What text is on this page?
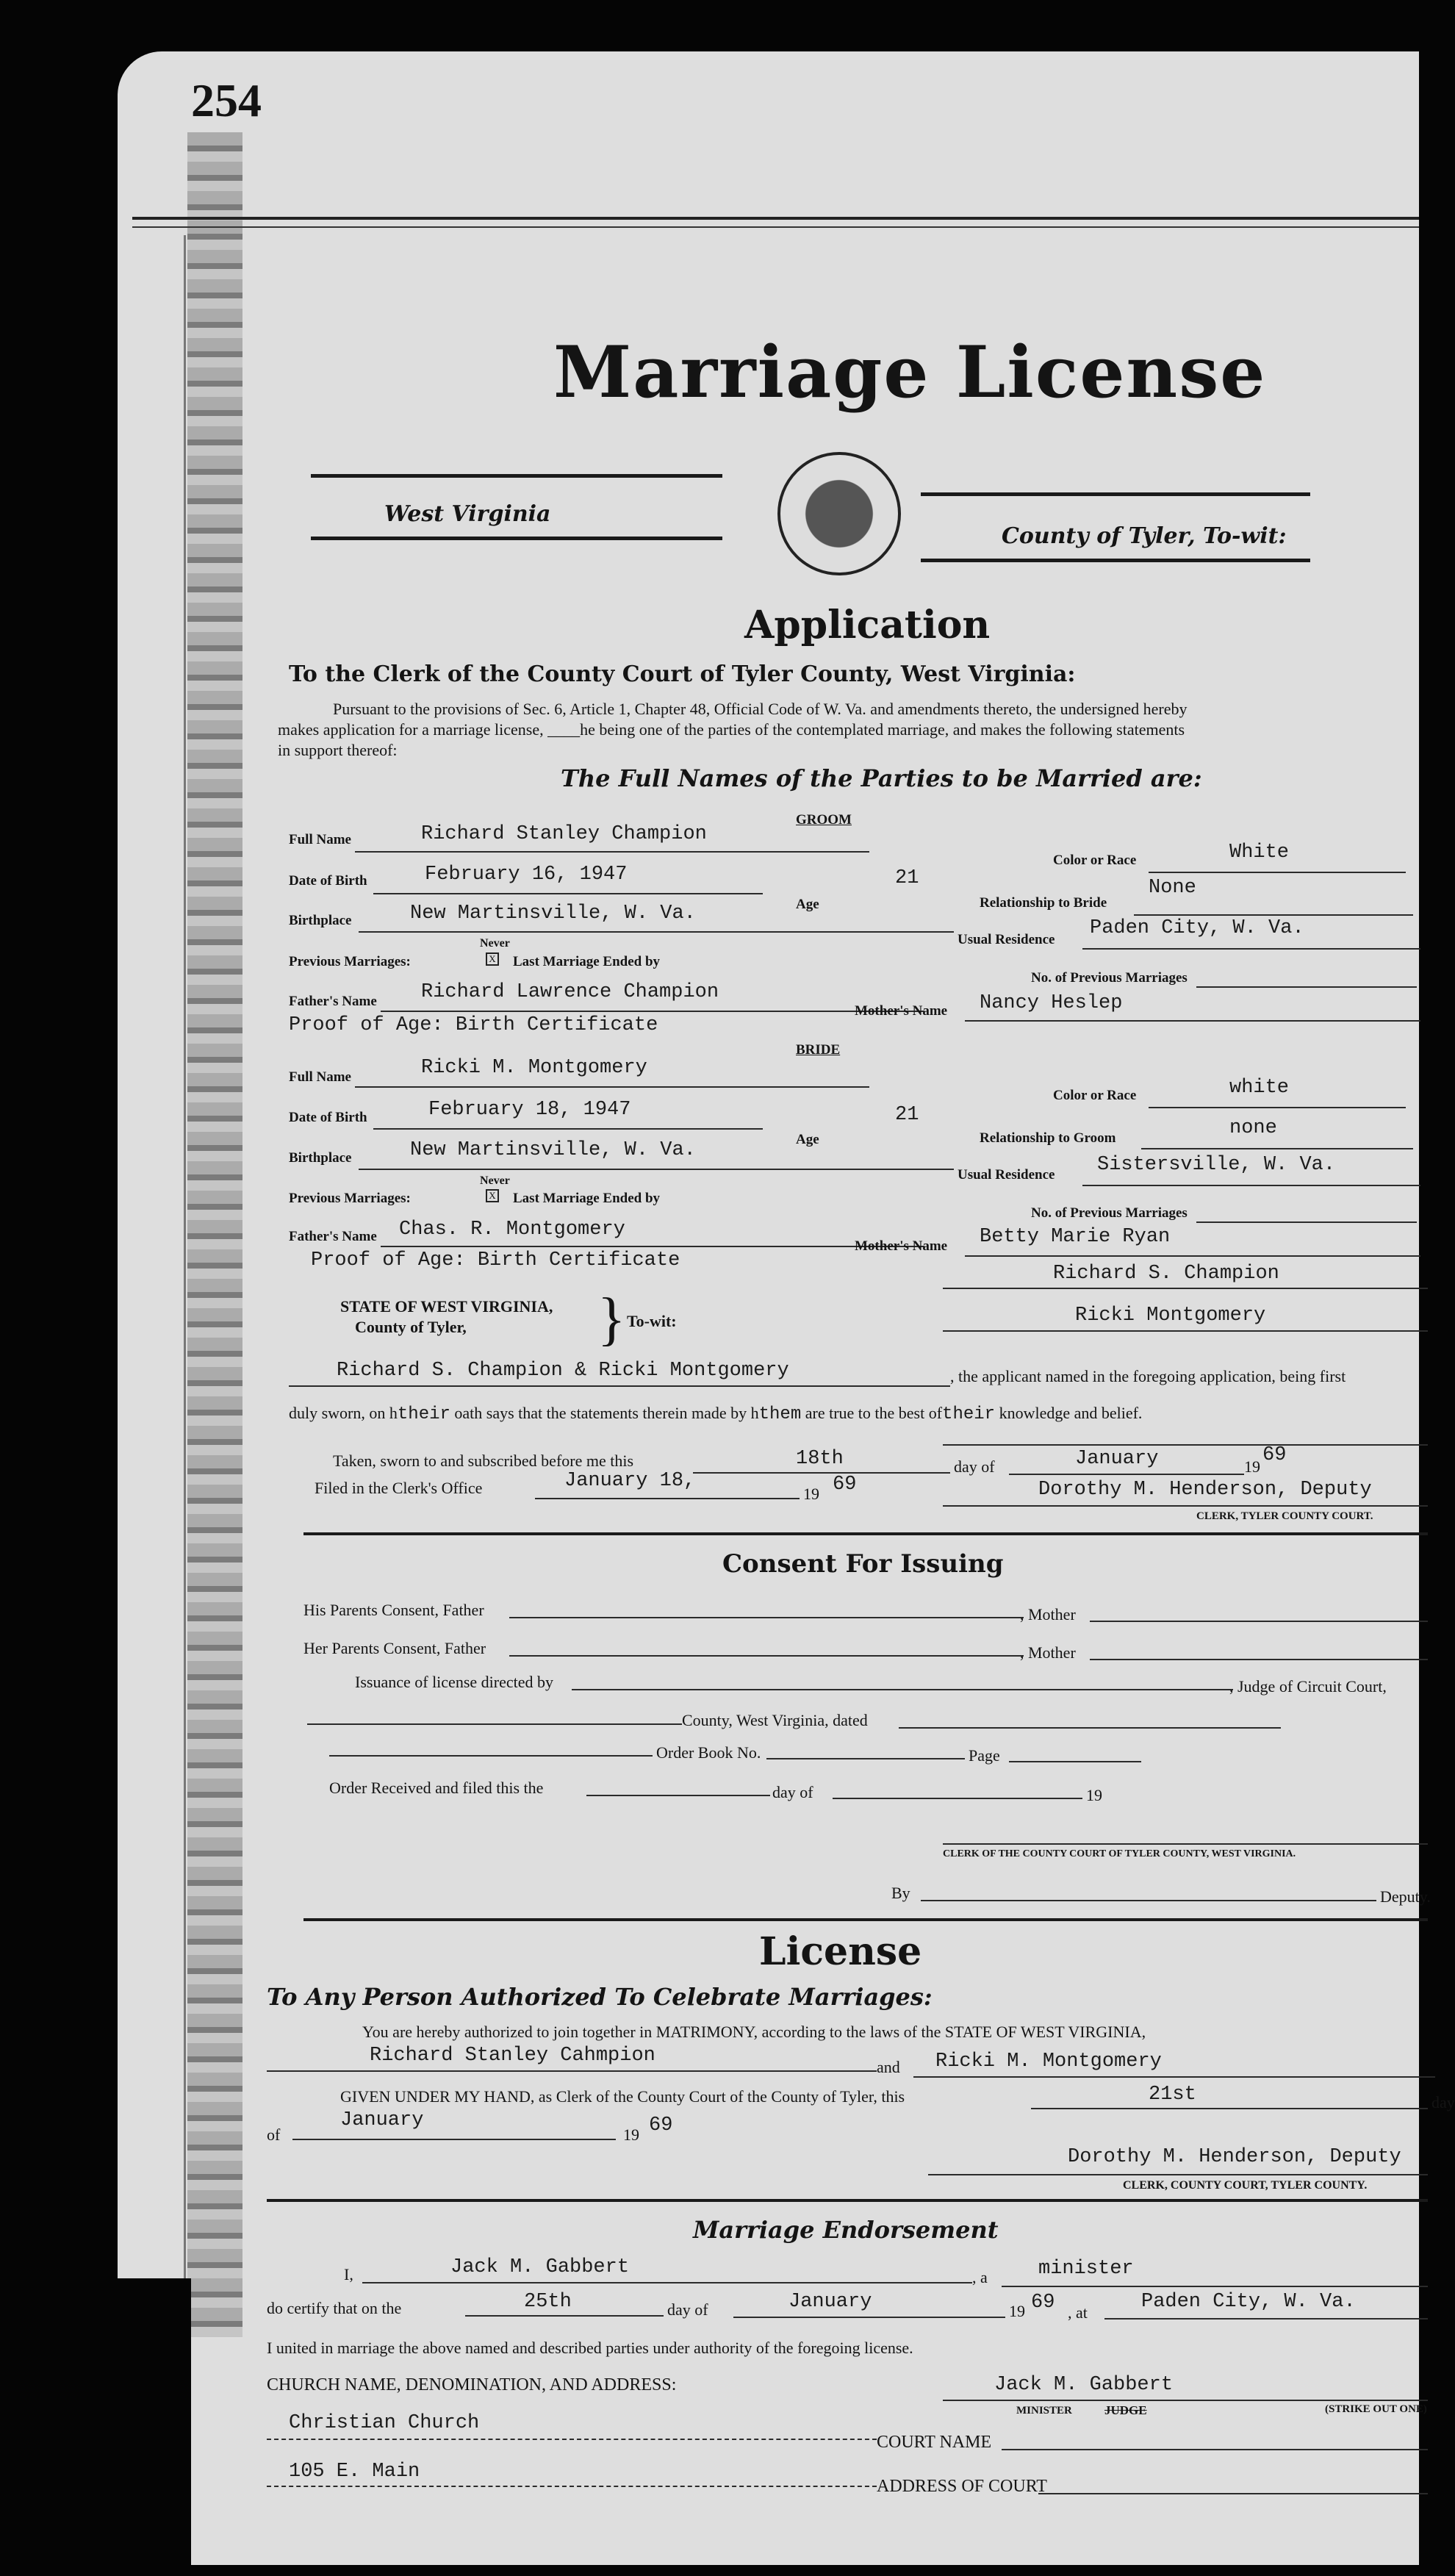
254
Marriage License
West Virginia
County of Tyler, To-wit:
Application
To the Clerk of the County Court of Tyler County, West Virginia:
Pursuant to the provisions of Sec. 6, Article 1, Chapter 48, Official Code of W. Va. and amendments thereto, the undersigned hereby
makes application for a marriage license, ____he being one of the parties of the contemplated marriage, and makes the following statements
in support thereof:
The Full Names of the Parties to be Married are:
GROOM
Full Name	Richard Stanley Champion
Color or Race	White
Date of Birth	February 16, 1947
Age
21
Relationship to Bride
None
Birthplace	New Martinsville, W. Va.
Usual Residence
Paden City, W. Va.
Never
Previous Marriages:	X Last Marriage Ended by
No. of Previous Marriages
Father's Name Richard Lawrence Champion
Mother's Name Nancy Heslep
Proof of Age: Birth Certificate
BRIDE
Full Name	Ricki M. Montgomery
Color or Race	white
Date of Birth	February 18, 1947
Age
21
Relationship to Groom	none
Birthplace	New Martinsville, W. Va.
Usual Residence Sistersville, W. Va.
Never
Previous Marriages:	X Last Marriage Ended by
No. of Previous Marriages
Father's Name Chas. R. Montgomery
Mother's Name Betty Marie Ryan
Proof of Age: Birth Certificate
Richard S. Champion
STATE OF WEST VIRGINIA,
County of Tyler, } To-wit:	Ricki Montgomery
Richard S. Champion & Ricki Montgomery	, the applicant named in the foregoing application, being first
duly sworn, on htheir oath says that the statements therein made by hthem are true to the best oftheir knowledge and belief.
Taken, sworn to and subscribed before me this	18th	day of	January	19
69
Filed in the Clerk's Office	January 18,
19 69	Dorothy M. Henderson, Deputy
CLERK, TYLER COUNTY COURT.
Consent For Issuing
His Parents Consent, Father	, Mother
Her Parents Consent, Father	, Mother
Issuance of license directed by	, Judge of Circuit Court,
County, West Virginia, dated
Order Book No.	Page
Order Received and filed this the	day of	19
CLERK OF THE COUNTY COURT OF TYLER COUNTY, WEST VIRGINIA.
By	Deputy.
License
To Any Person Authorized To Celebrate Marriages:
You are hereby authorized to join together in MATRIMONY, according to the laws of the STATE OF WEST VIRGINIA,
Richard Stanley Cahmpion
and Ricki M. Montgomery
GIVEN UNDER MY HAND, as Clerk of the County Court of the County of Tyler, this	21st	day
of
January
19 69
Dorothy M. Henderson, Deputy
CLERK, COUNTY COURT, TYLER COUNTY.
Marriage Endorsement
I,	Jack M. Gabbert	, a	minister
do certify that on the	25th	day of	January	19 69 , at	Paden City, W. Va.
I united in marriage the above named and described parties under authority of the foregoing license.
CHURCH NAME, DENOMINATION, AND ADDRESS:	Jack M. Gabbert
MINISTER	JUDGE	(STRIKE OUT ONE)
Christian Church
COURT NAME
105 E. Main
ADDRESS OF COURT
